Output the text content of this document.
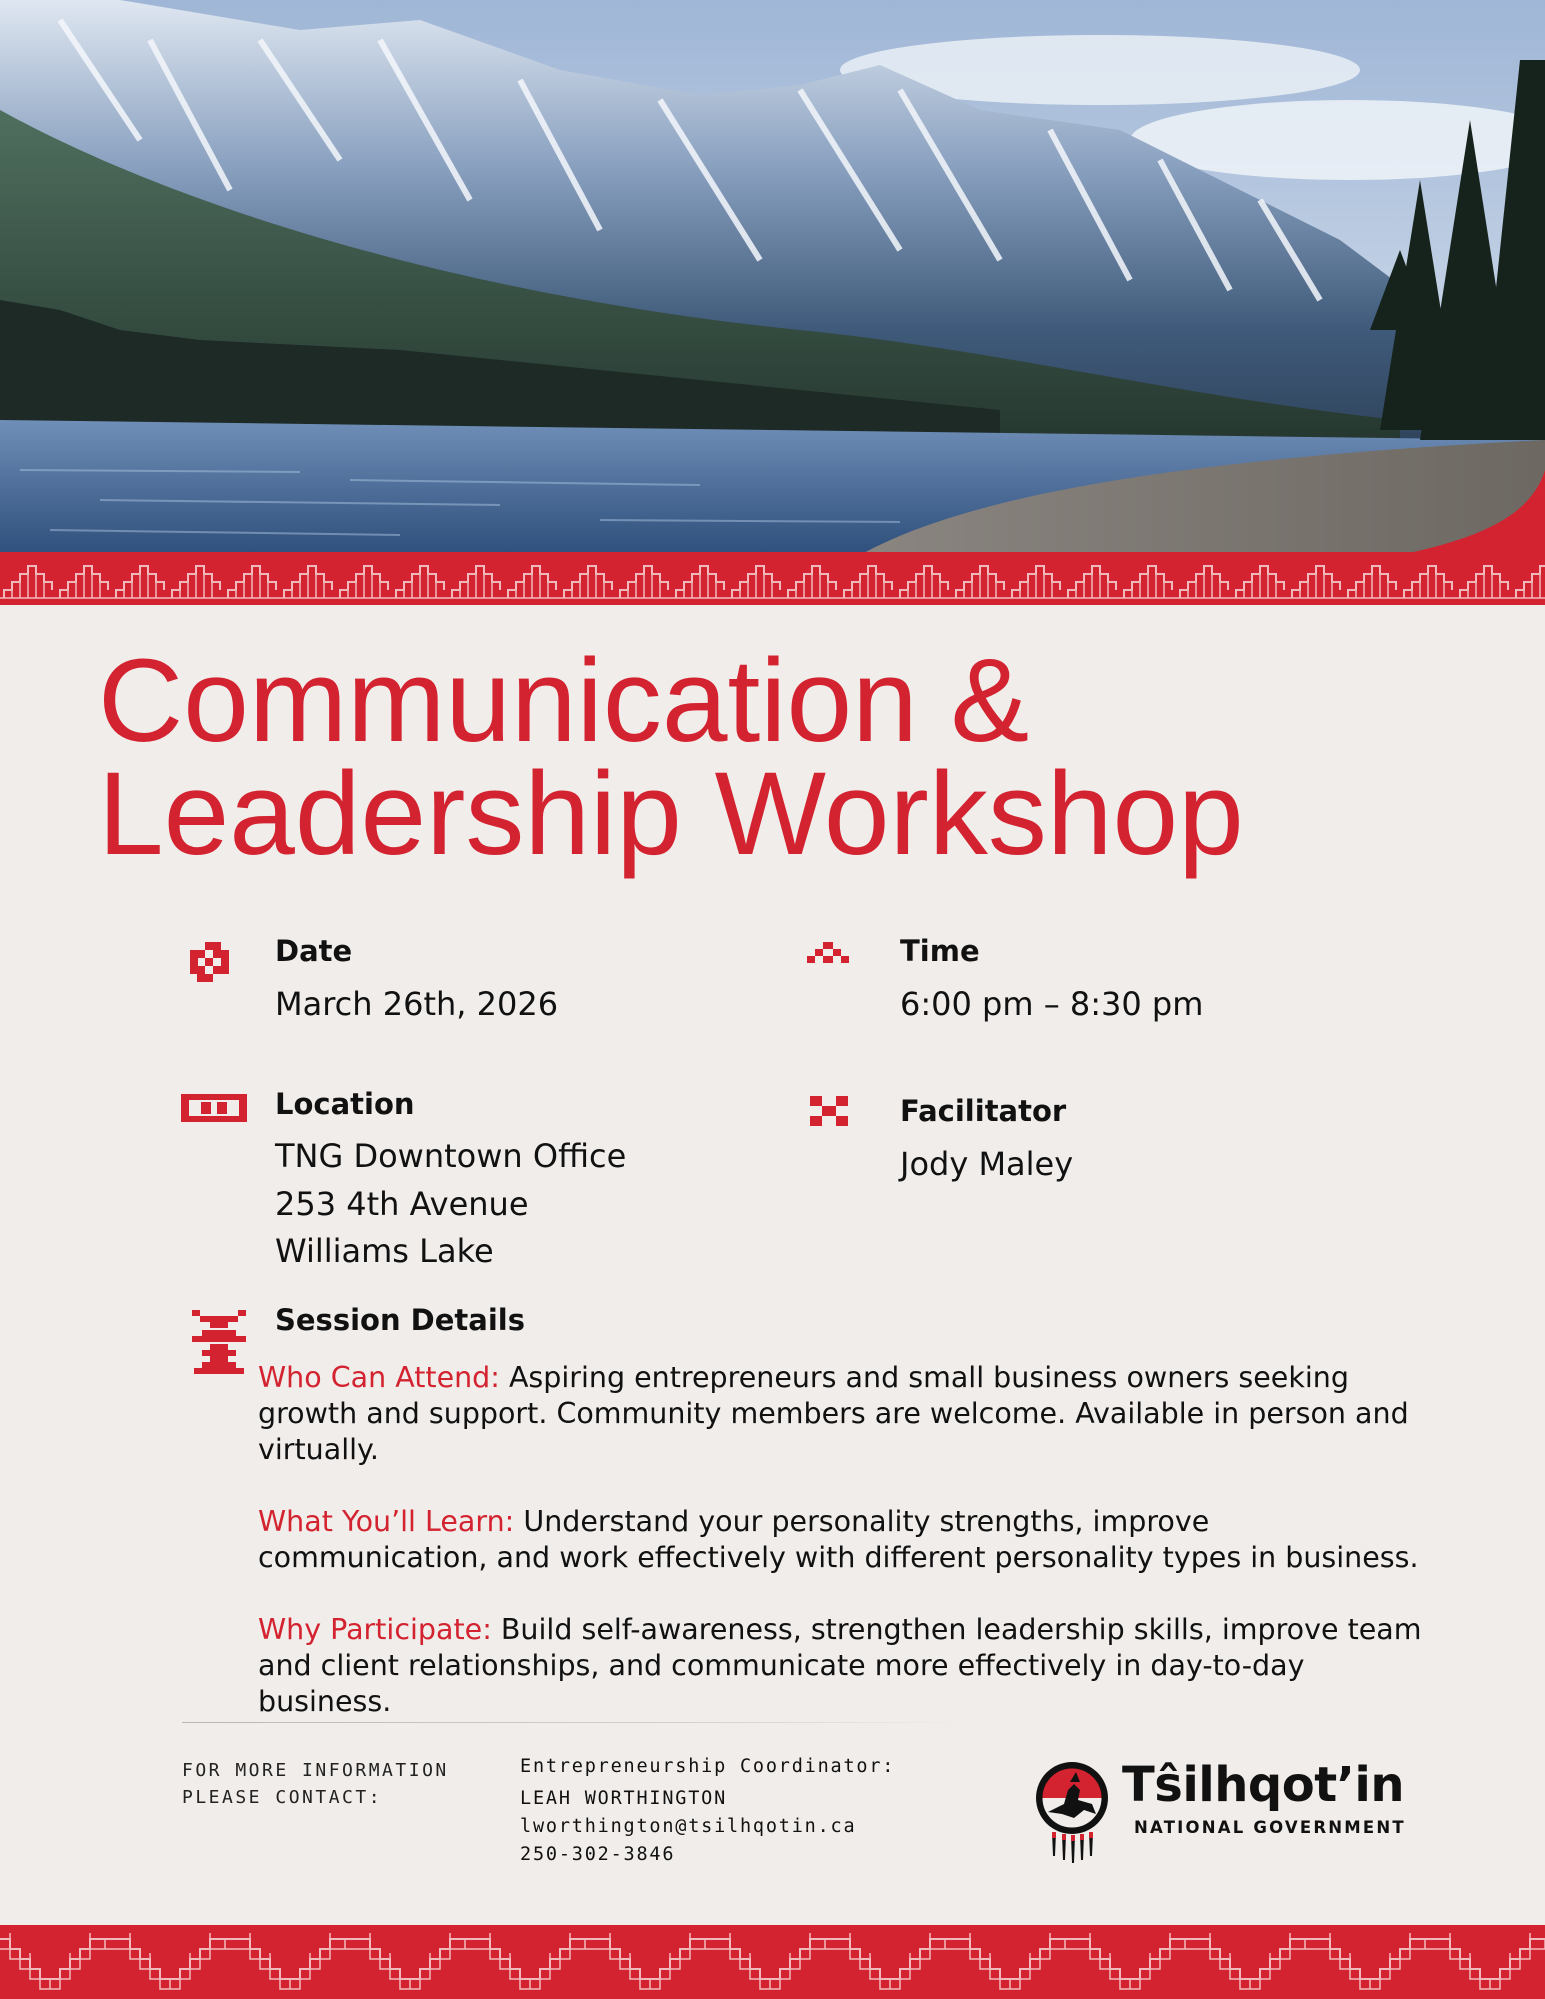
Communication &
Leadership Workshop
Date
March 26th, 2026
Time
6:00 pm – 8:30 pm
Location
TNG Downtown Office
253 4th Avenue
Williams Lake
Facilitator
Jody Maley
Session Details

Who Can Attend: Aspiring entrepreneurs and small business owners seeking
growth and support. Community members are welcome. Available in person and
virtually.

What You’ll Learn: Understand your personality strengths, improve
communication, and work effectively with different personality types in business.

Why Participate: Build self-awareness, strengthen leadership skills, improve team
and client relationships, and communicate more effectively in day-to-day
business.

FOR MORE INFORMATION
PLEASE CONTACT:
Entrepreneurship Coordinator:
LEAH WORTHINGTON
lworthington@tsilhqotin.ca
250-302-3846
Tŝilhqot’in
NATIONAL GOVERNMENT
